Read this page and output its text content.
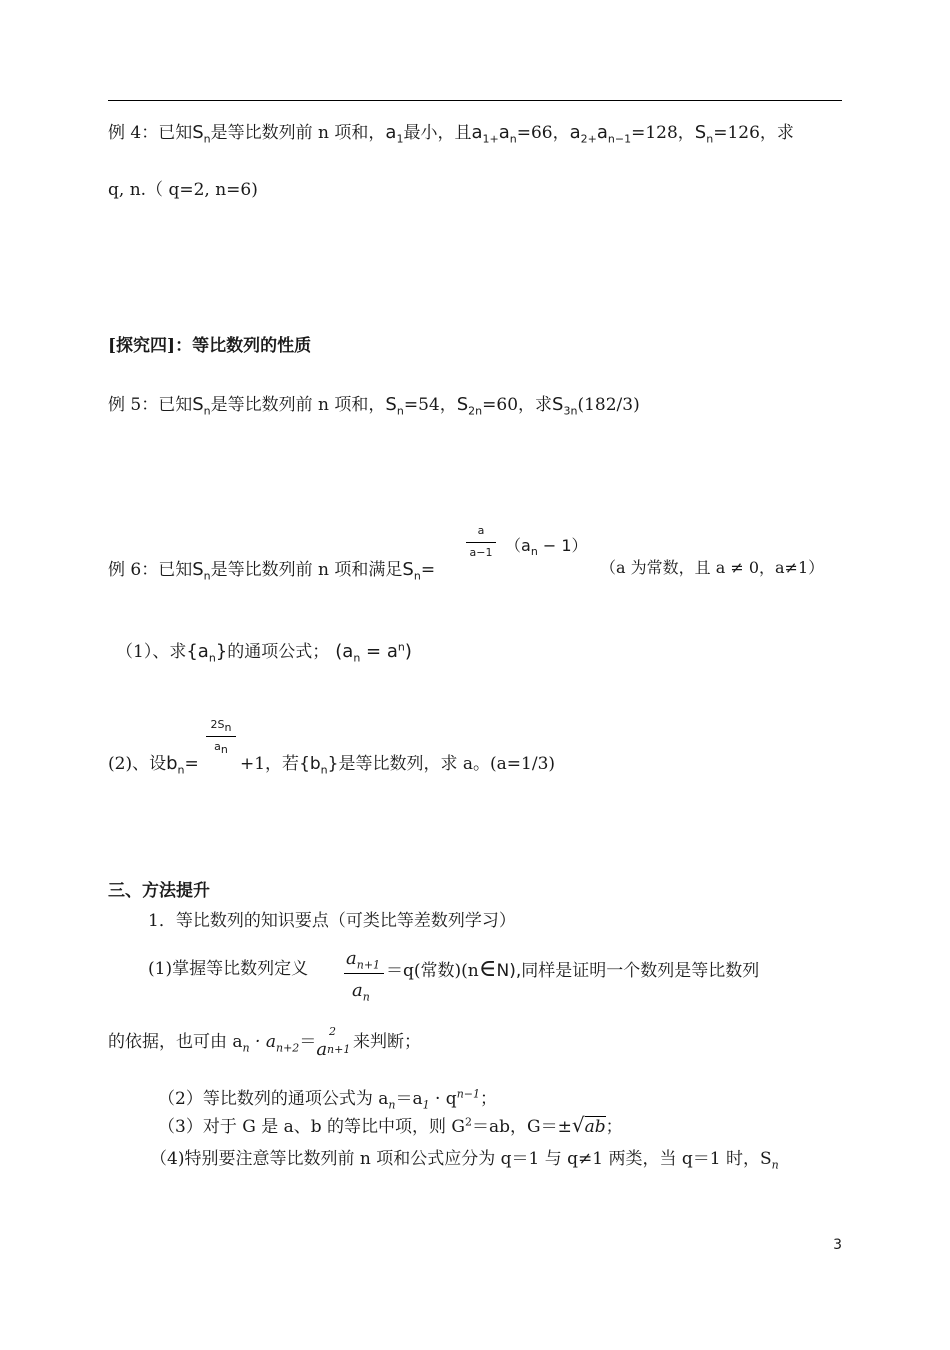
例 4：已知$S_n$是等比数列前 n 项和，$a_1$最小，且$a_{1+}a_n=66$，$a_{2+}a_{n-1}=128$，$S_n=126$，求
q, n.（ q=2, n=6)
[探究四]：等比数列的性质
例 5：已知$S_n$是等比数列前 n 项和，$S_n=54$，$S_{2n}=60$，求$S_{3n}(182/3)$
例 6：已知$S_n$是等比数列前 n 项和满足$S_n=$
a
a−1 $(a_n - 1)$
（a 为常数，且 a ≠ 0，a≠1）
（1）、求$\{a_n\}$的通项公式； $(a_n = a^n)$
(2)、设$b_n=$
$2S_n$
$a_n$
+1，若$\{b_n\}$是等比数列，求 a。(a=1/3)
三、方法提升
1．等比数列的知识要点（可类比等差数列学习）
(1)掌握等比数列定义 $a_{n+1}$
$a_n$
＝q(常数)(n∈N),同样是证明一个数列是等比数列
的依据，也可由 $a_n \cdot a_{n+2}=a$
2
n+1 来判断；
（2）等比数列的通项公式为 $a_n=a_1 \cdot q^{n-1}$；
（3）对于 G 是 a、b 的等比中项，则 $G^2=ab$，G＝±√ab；
（4)特别要注意等比数列前 n 项和公式应分为 q＝1 与 q≠1 两类，当 q＝1 时，$S_n$
3
